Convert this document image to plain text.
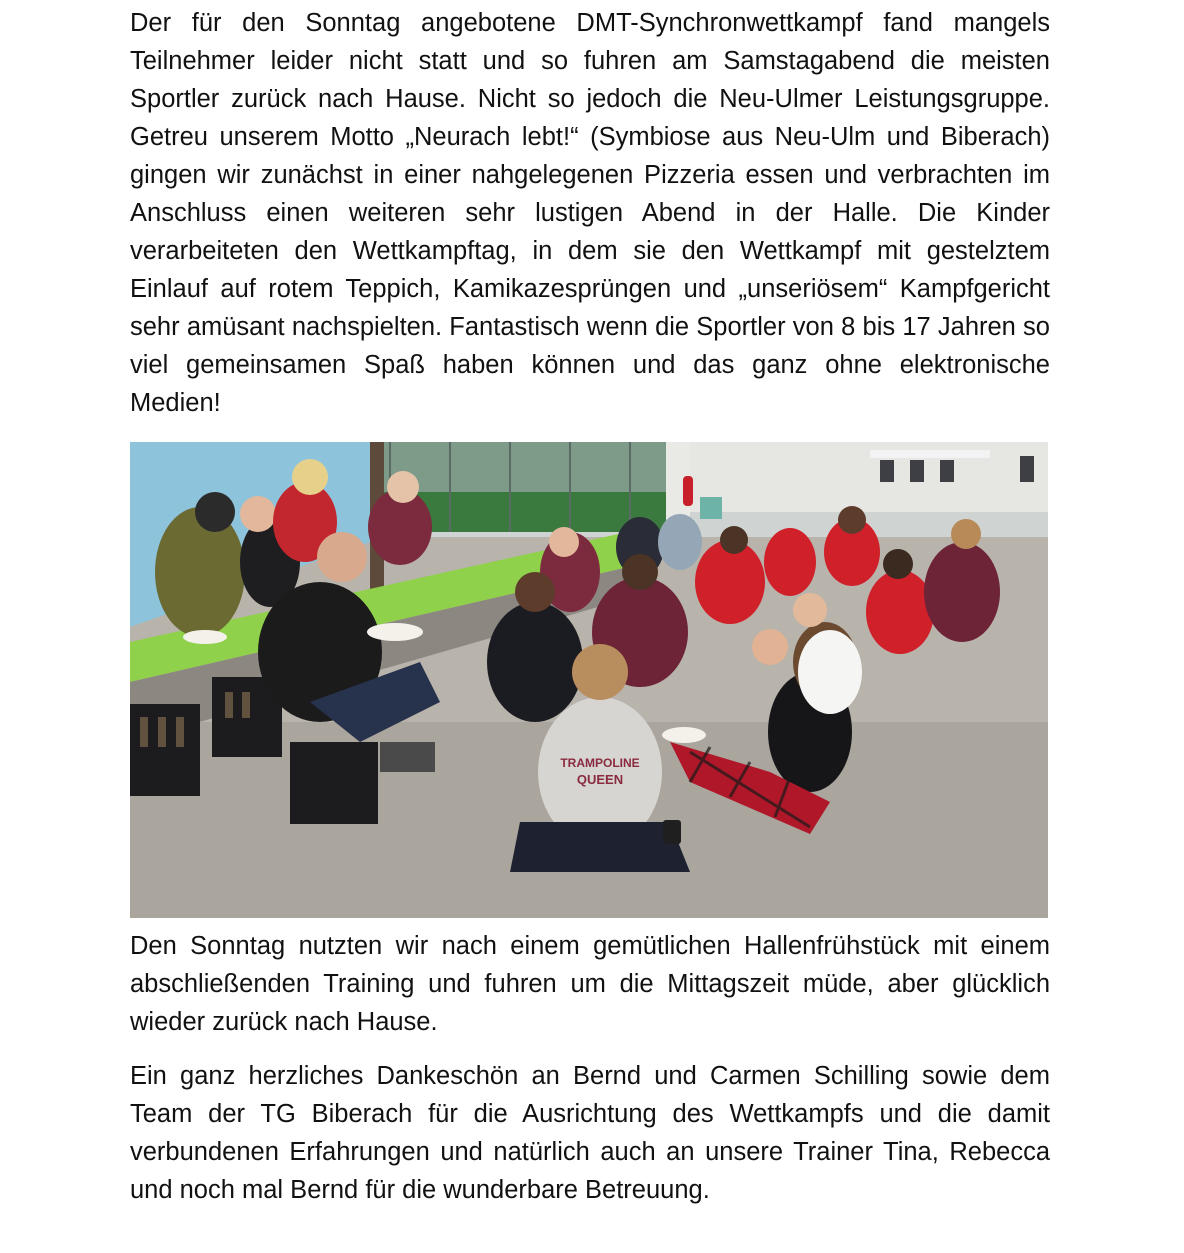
Der für den Sonntag angebotene DMT-Synchronwettkampf fand mangels Teilnehmer leider nicht statt und so fuhren am Samstagabend die meisten Sportler zurück nach Hause. Nicht so jedoch die Neu-Ulmer Leistungsgruppe. Getreu unserem Motto „Neurach lebt!“ (Symbiose aus Neu-Ulm und Biberach) gingen wir zunächst in einer nahgelegenen Pizzeria essen und verbrachten im Anschluss einen weiteren sehr lustigen Abend in der Halle. Die Kinder verarbeiteten den Wettkampftag, in dem sie den Wettkampf mit gestelztem Einlauf auf rotem Teppich, Kamikazesprüngen und „unseriösem“ Kampfgericht sehr amüsant nachspielten. Fantastisch wenn die Sportler von 8 bis 17 Jahren so viel gemeinsamen Spaß haben können und das ganz ohne elektronische Medien!

TRAMPOLINE
QUEEN

Den Sonntag nutzten wir nach einem gemütlichen Hallenfrühstück mit einem abschließenden Training und fuhren um die Mittagszeit müde, aber glücklich wieder zurück nach Hause.

Ein ganz herzliches Dankeschön an Bernd und Carmen Schilling sowie dem Team der TG Biberach für die Ausrichtung des Wettkampfs und die damit verbundenen Erfahrungen und natürlich auch an unsere Trainer Tina, Rebecca und noch mal Bernd für die wunderbare Betreuung.
